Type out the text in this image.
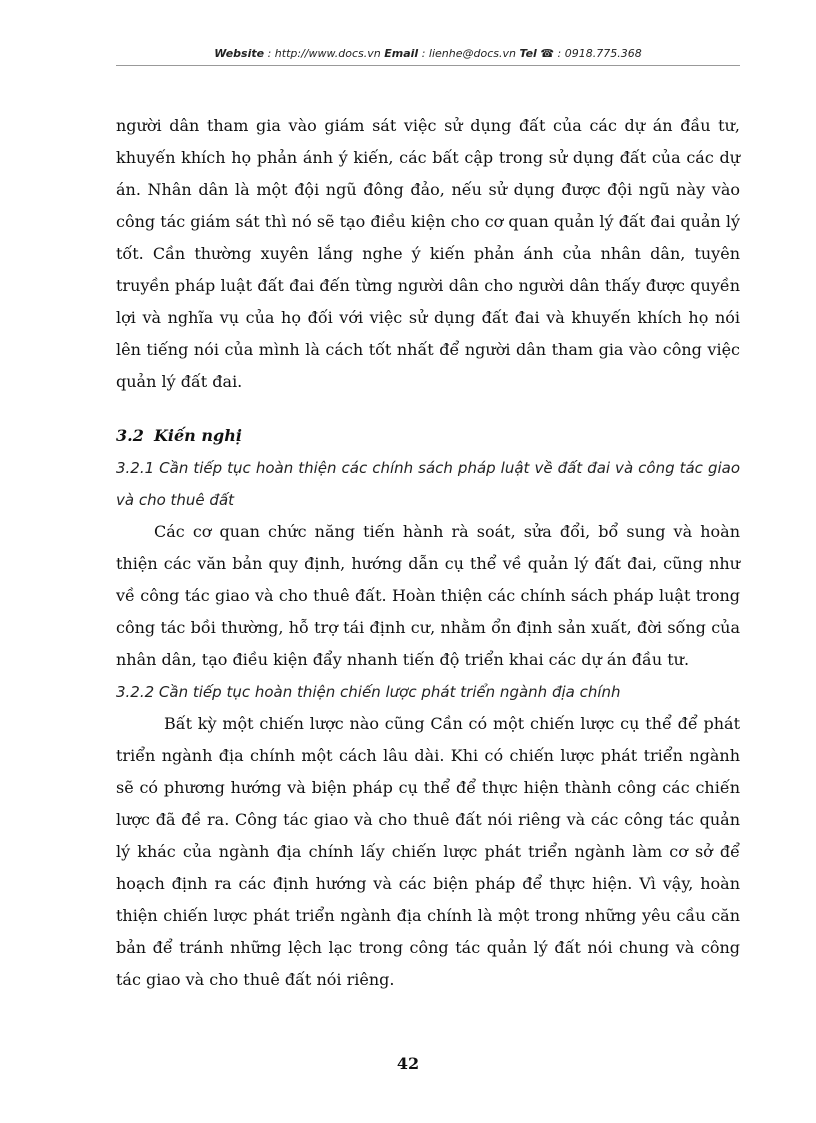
Website : http://www.docs.vn Email : lienhe@docs.vn Tel ☎ : 0918.775.368

người dân tham gia vào giám sát việc sử dụng đất của các dự án đầu tư, khuyến khích họ phản ánh ý kiến, các bất cập trong sử dụng đất của các dự án. Nhân dân là một đội ngũ đông đảo, nếu sử dụng được đội ngũ này vào công tác giám sát thì nó sẽ tạo điều kiện cho cơ quan quản lý đất đai quản lý tốt. Cần thường xuyên lắng nghe ý kiến phản ánh của nhân dân, tuyên truyền pháp luật đất đai đến từng người dân cho người dân thấy được quyền lợi và nghĩa vụ của họ đối với việc sử dụng đất đai và khuyến khích họ nói lên tiếng nói của mình là cách tốt nhất để người dân tham gia vào công việc quản lý đất đai.

3.2 Kiến nghị
3.2.1 Cần tiếp tục hoàn thiện các chính sách pháp luật về đất đai và công tác giao và cho thuê đất

Các cơ quan chức năng tiến hành rà soát, sửa đổi, bổ sung và hoàn thiện các văn bản quy định, hướng dẫn cụ thể về quản lý đất đai, cũng như về công tác giao và cho thuê đất. Hoàn thiện các chính sách pháp luật trong công tác bồi thường, hỗ trợ tái định cư, nhằm ổn định sản xuất, đời sống của nhân dân, tạo điều kiện đẩy nhanh tiến độ triển khai các dự án đầu tư.

3.2.2 Cần tiếp tục hoàn thiện chiến lược phát triển ngành địa chính

Bất kỳ một chiến lược nào cũng Cần có một chiến lược cụ thể để phát triển ngành địa chính một cách lâu dài. Khi có chiến lược phát triển ngành sẽ có phương hướng và biện pháp cụ thể để thực hiện thành công các chiến lược đã đề ra. Công tác giao và cho thuê đất nói riêng và các công tác quản lý khác của ngành địa chính lấy chiến lược phát triển ngành làm cơ sở để hoạch định ra các định hướng và các biện pháp để thực hiện. Vì vậy, hoàn thiện chiến lược phát triển ngành địa chính là một trong những yêu cầu căn bản để tránh những lệch lạc trong công tác quản lý đất nói chung và công tác giao và cho thuê đất nói riêng.

42
